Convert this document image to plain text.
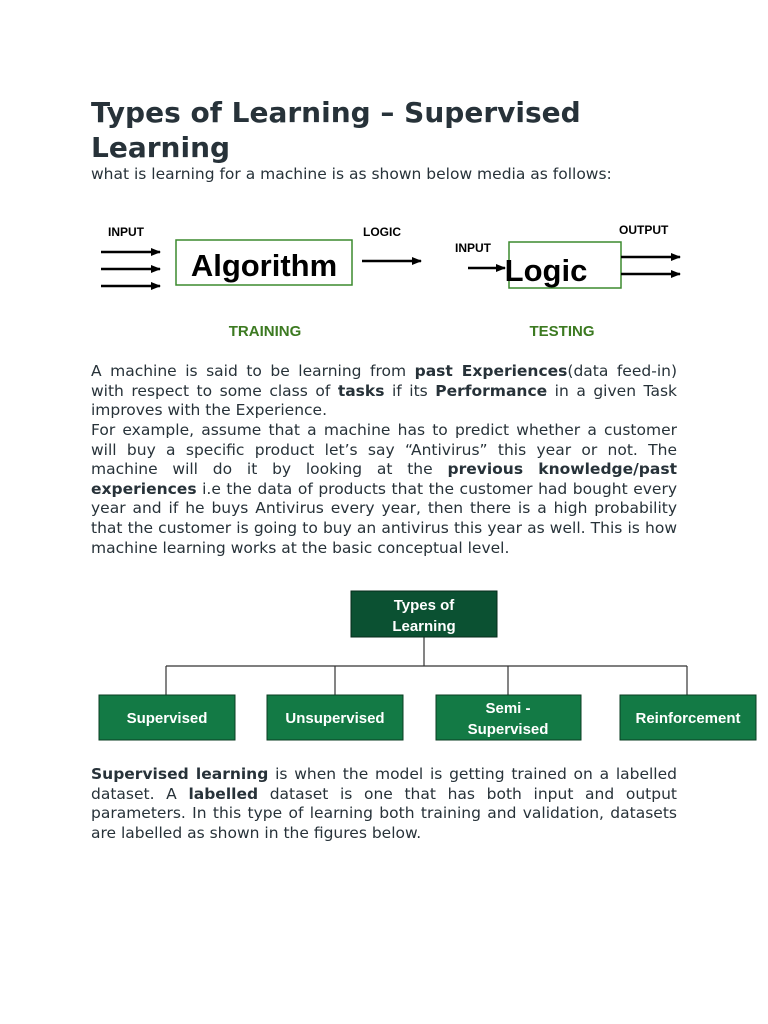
Types of Learning – Supervised Learning

what is learning for a machine is as shown below media as follows:

INPUT
Algorithm
LOGIC
TRAINING
INPUT
Logic
OUTPUT
TESTING

A machine is said to be learning from past Experiences(data feed-in) with respect to some class of tasks if its Performance in a given Task improves with the Experience.

For example, assume that a machine has to predict whether a customer will buy a specific product let’s say “Antivirus” this year or not. The machine will do it by looking at the previous knowledge/past experiences i.e the data of products that the customer had bought every year and if he buys Antivirus every year, then there is a high probability that the customer is going to buy an antivirus this year as well. This is how machine learning works at the basic conceptual level.

Types of
Learning
Supervised	Unsupervised
Semi -
Supervised
Reinforcement

Supervised learning is when the model is getting trained on a labelled dataset. A labelled dataset is one that has both input and output parameters. In this type of learning both training and validation, datasets are labelled as shown in the figures below.
